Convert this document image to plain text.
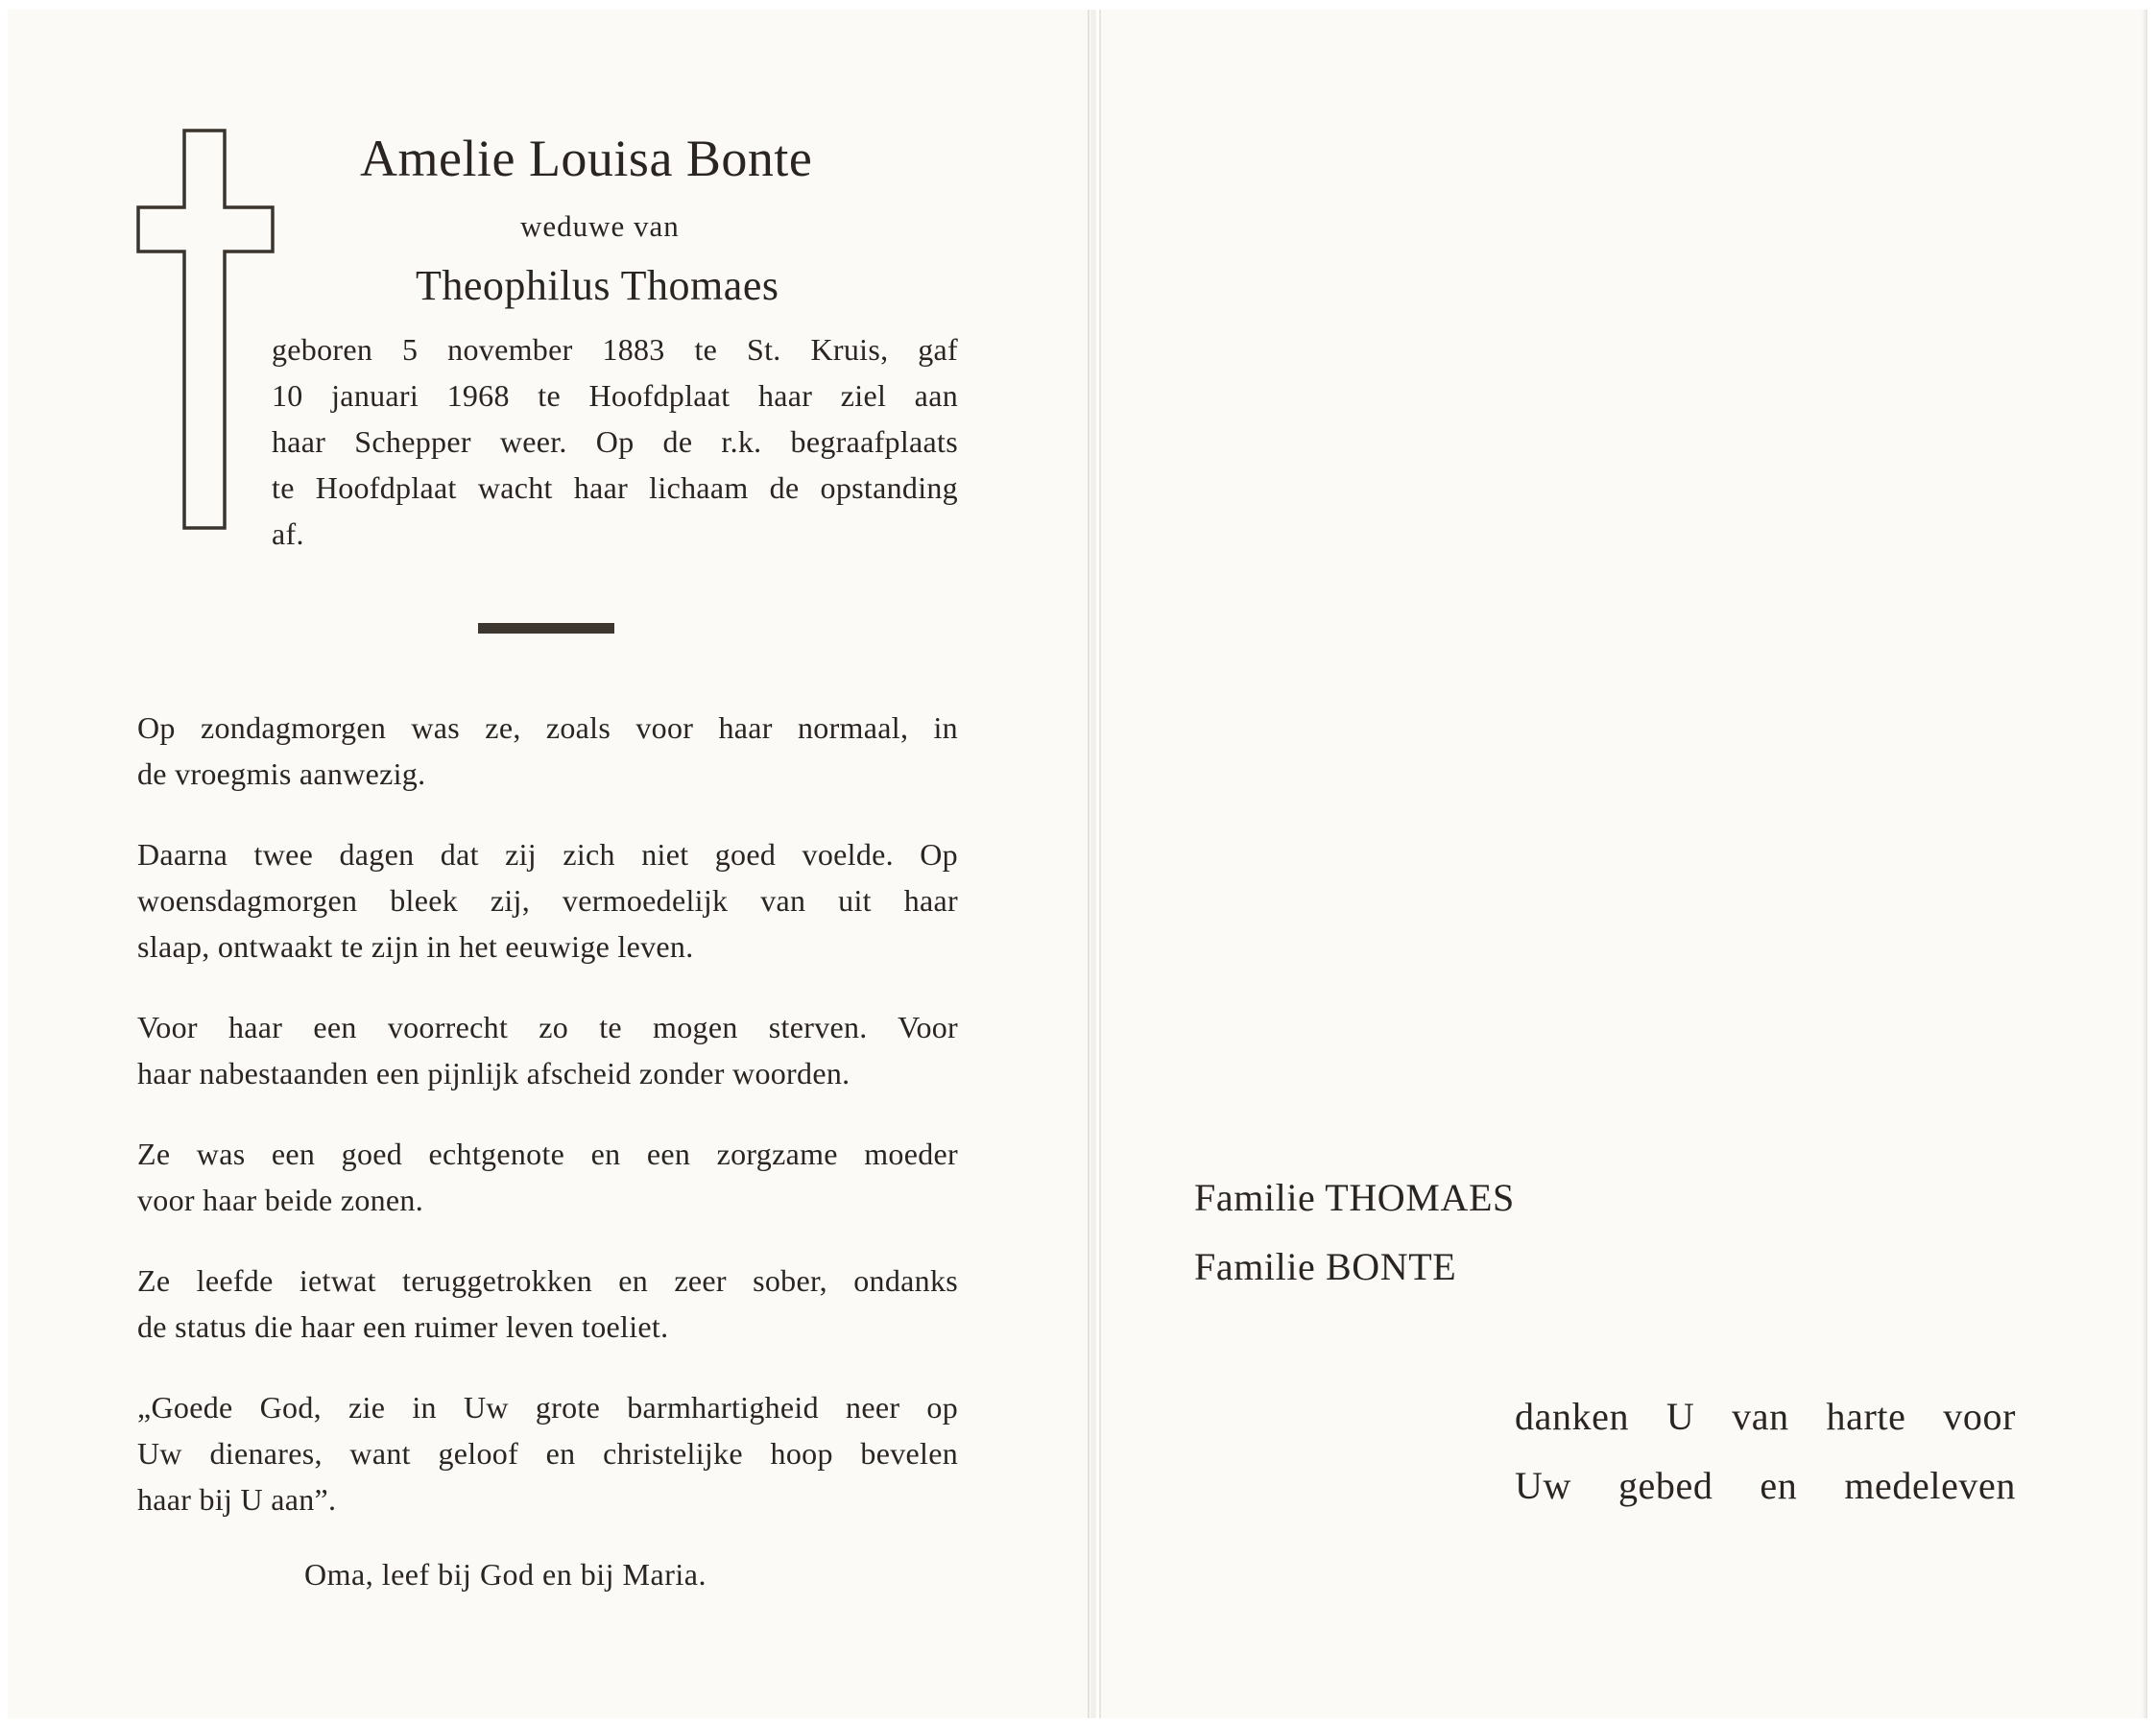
Amelie Louisa Bonte
weduwe van
Theophilus Thomaes
geboren 5 november 1883 te St. Kruis, gaf
10 januari 1968 te Hoofdplaat haar ziel aan
haar Schepper weer. Op de r.k. begraafplaats
te Hoofdplaat wacht haar lichaam de opstanding
af.
Op zondagmorgen was ze, zoals voor haar normaal, in
de vroegmis aanwezig.
Daarna twee dagen dat zij zich niet goed voelde. Op
woensdagmorgen bleek zij, vermoedelijk van uit haar
slaap, ontwaakt te zijn in het eeuwige leven.
Voor haar een voorrecht zo te mogen sterven. Voor
haar nabestaanden een pijnlijk afscheid zonder woorden.
Ze was een goed echtgenote en een zorgzame moeder
voor haar beide zonen.
Ze leefde ietwat teruggetrokken en zeer sober, ondanks
de status die haar een ruimer leven toeliet.
„Goede God, zie in Uw grote barmhartigheid neer op
Uw dienares, want geloof en christelijke hoop bevelen
haar bij U aan”.
Oma, leef bij God en bij Maria.
Familie THOMAES
Familie BONTE
danken U van harte voor
Uw gebed en medeleven
